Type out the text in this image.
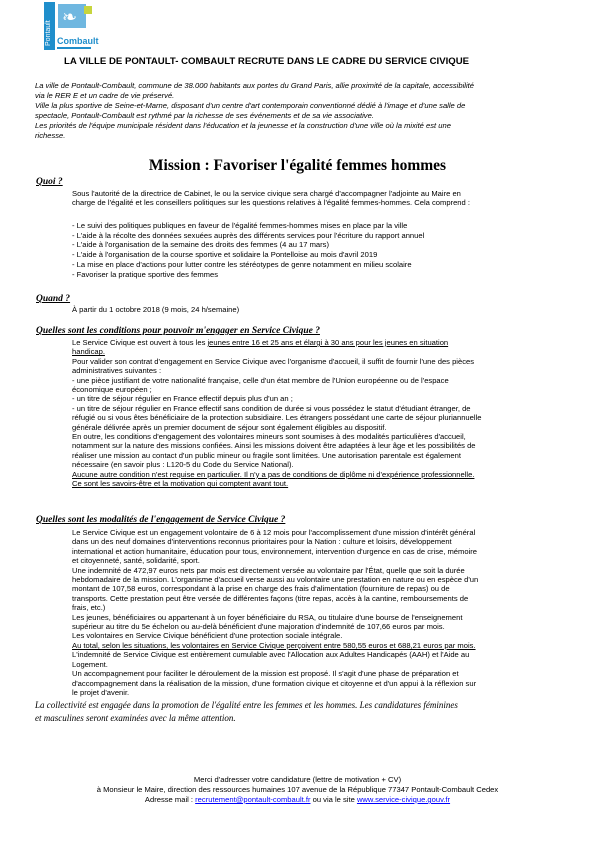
Pontault
❧
Combault
LA VILLE DE PONTAULT- COMBAULT RECRUTE DANS LE CADRE DU SERVICE CIVIQUE
La ville de Pontault-Combault, commune de 38.000 habitants aux portes du Grand Paris, allie proximité de la capitale, accessibilité
via le RER E et un cadre de vie préservé.
Ville la plus sportive de Seine-et-Marne, disposant d'un centre d'art contemporain conventionné dédié à l'image et d'une salle de
spectacle, Pontault-Combault est rythmé par la richesse de ses événements et de sa vie associative.
Les priorités de l'équipe municipale résident dans l'éducation et la jeunesse et la construction d'une ville où la mixité est une
richesse.
Mission : Favoriser l'égalité femmes hommes
Quoi ?
Sous l'autorité de la directrice de Cabinet, le ou la service civique sera chargé d'accompagner l'adjointe au Maire en
charge de l'égalité et les conseillers politiques sur les questions relatives à l'égalité femmes-hommes. Cela comprend :
- Le suivi des politiques publiques en faveur de l'égalité femmes-hommes mises en place par la ville
- L'aide à la récolte des données sexuées auprès des différents services pour l'écriture du rapport annuel
- L'aide à l'organisation de la semaine des droits des femmes (4 au 17 mars)
- L'aide à l'organisation de la course sportive et solidaire la Pontelloise au mois d'avril 2019
- La mise en place d'actions pour lutter contre les stéréotypes de genre notamment en milieu scolaire
- Favoriser la pratique sportive des femmes
Quand ?
À partir du 1 octobre 2018 (9 mois, 24 h/semaine)
Quelles sont les conditions pour pouvoir m'engager en Service Civique ?
Le Service Civique est ouvert à tous les jeunes entre 16 et 25 ans et élargi à 30 ans pour les jeunes en situation
handicap.
Pour valider son contrat d'engagement en Service Civique avec l'organisme d'accueil, il suffit de fournir l'une des pièces
administratives suivantes :
- une pièce justifiant de votre nationalité française, celle d'un état membre de l'Union européenne ou de l'espace
économique européen ;
- un titre de séjour régulier en France effectif depuis plus d'un an ;
- un titre de séjour régulier en France effectif sans condition de durée si vous possédez le statut d'étudiant étranger, de
réfugié ou si vous êtes bénéficiaire de la protection subsidiaire. Les étrangers possédant une carte de séjour pluriannuelle
générale délivrée après un premier document de séjour sont également éligibles au dispositif.
En outre, les conditions d'engagement des volontaires mineurs sont soumises à des modalités particulières d'accueil,
notamment sur la nature des missions confiées. Ainsi les missions doivent être adaptées à leur âge et les possibilités de
réaliser une mission au contact d'un public mineur ou fragile sont limitées. Une autorisation parentale est également
nécessaire (en savoir plus : L120-5 du Code du Service National).
Aucune autre condition n'est requise en particulier. Il n'y a pas de conditions de diplôme ni d'expérience professionnelle.
Ce sont les savoirs-être et la motivation qui comptent avant tout.
Quelles sont les modalités de l'engagement de Service Civique ?
Le Service Civique est un engagement volontaire de 6 à 12 mois pour l'accomplissement d'une mission d'intérêt général
dans un des neuf domaines d'interventions reconnus prioritaires pour la Nation : culture et loisirs, développement
international et action humanitaire, éducation pour tous, environnement, intervention d'urgence en cas de crise, mémoire
et citoyenneté, santé, solidarité, sport.
Une indemnité de 472,97 euros nets par mois est directement versée au volontaire par l'État, quelle que soit la durée
hebdomadaire de la mission. L'organisme d'accueil verse aussi au volontaire une prestation en nature ou en espèce d'un
montant de 107,58 euros, correspondant à la prise en charge des frais d'alimentation (fourniture de repas) ou de
transports. Cette prestation peut être versée de différentes façons (titre repas, accès à la cantine, remboursements de
frais, etc.)
Les jeunes, bénéficiaires ou appartenant à un foyer bénéficiaire du RSA, ou titulaire d'une bourse de l'enseignement
supérieur au titre du 5e échelon ou au-delà bénéficient d'une majoration d'indemnité de 107,66 euros par mois.
Les volontaires en Service Civique bénéficient d'une protection sociale intégrale.
Au total, selon les situations, les volontaires en Service Civique perçoivent entre 580,55 euros et 688,21 euros par mois.
L'indemnité de Service Civique est entièrement cumulable avec l'Allocation aux Adultes Handicapés (AAH) et l'Aide au
Logement.
Un accompagnement pour faciliter le déroulement de la mission est proposé. Il s'agit d'une phase de préparation et
d'accompagnement dans la réalisation de la mission, d'une formation civique et citoyenne et d'un appui à la réflexion sur
le projet d'avenir.
La collectivité est engagée dans la promotion de l'égalité entre les femmes et les hommes. Les candidatures féminines
et masculines seront examinées avec la même attention.
Merci d'adresser votre candidature (lettre de motivation + CV)
à Monsieur le Maire, direction des ressources humaines 107 avenue de la République 77347 Pontault-Combault Cedex
Adresse mail : recrutement@pontault-combault.fr ou via le site www.service-civique.gouv.fr
